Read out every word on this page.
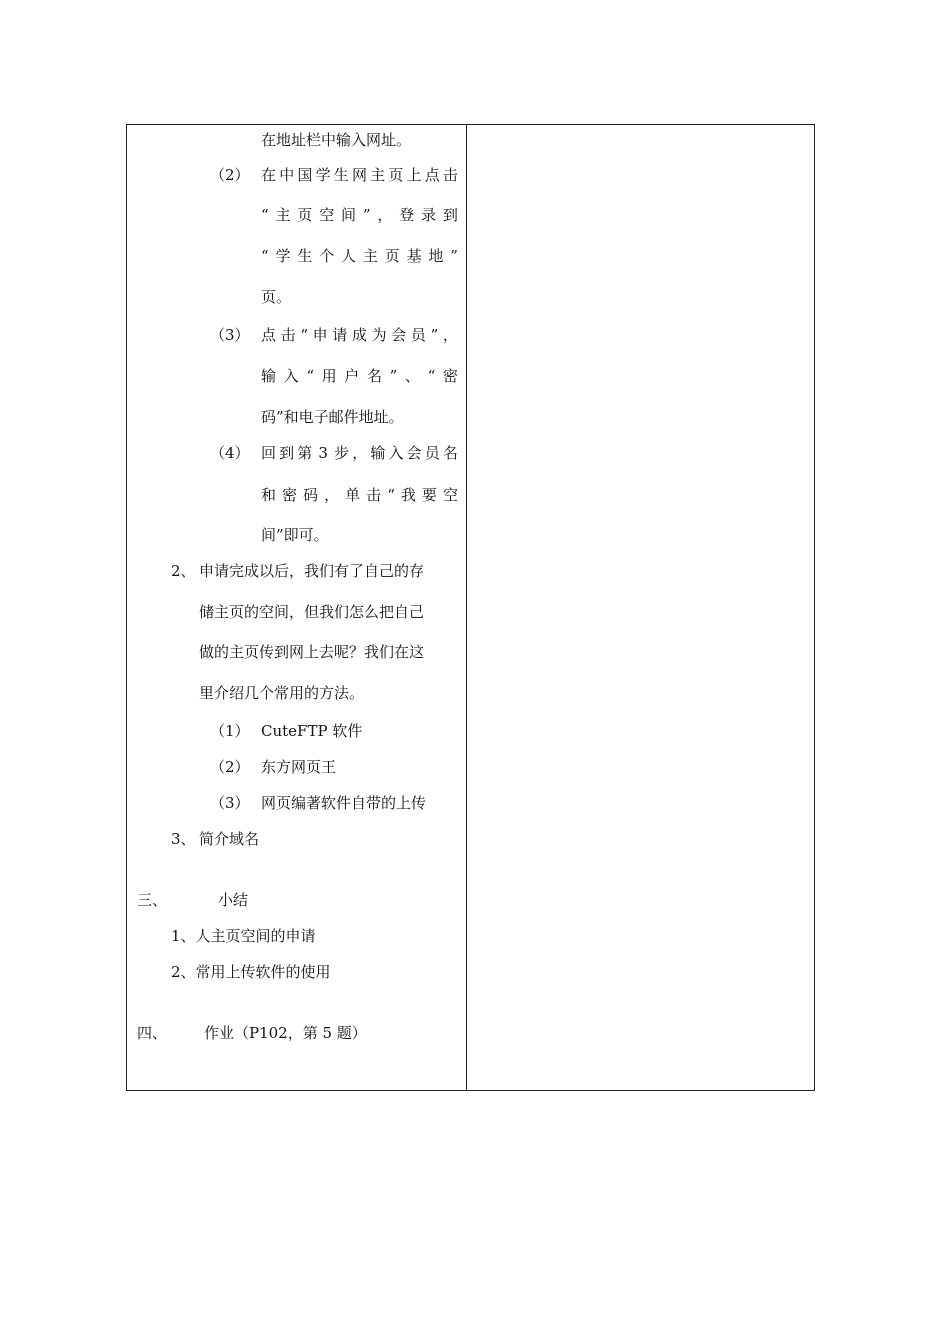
在地址栏中输入网址。
（2） 在 中 国 学 生 网 主 页 上 点 击
“ 主 页 空 间 ” ， 登 录 到
“ 学 生 个 人 主 页 基 地 ”
页。
（3） 点 击 “ 申 请 成 为 会 员 ” ，
输 入 “ 用 户 名 ” 、 “ 密
码”和电子邮件地址。
（4） 回 到 第 3 步 ， 输 入 会 员 名
和 密 码 ， 单 击 “ 我 要 空
间”即可。
2、 申请完成以后，我们有了自己的存
储主页的空间，但我们怎么把自己
做的主页传到网上去呢？我们在这
里介绍几个常用的方法。
（1） CuteFTP 软件
（2） 东方网页王
（3） 网页编著软件自带的上传
3、 简介域名
三、	小结
1、人主页空间的申请
2、常用上传软件的使用
四、 作业（P102，第 5 题）
